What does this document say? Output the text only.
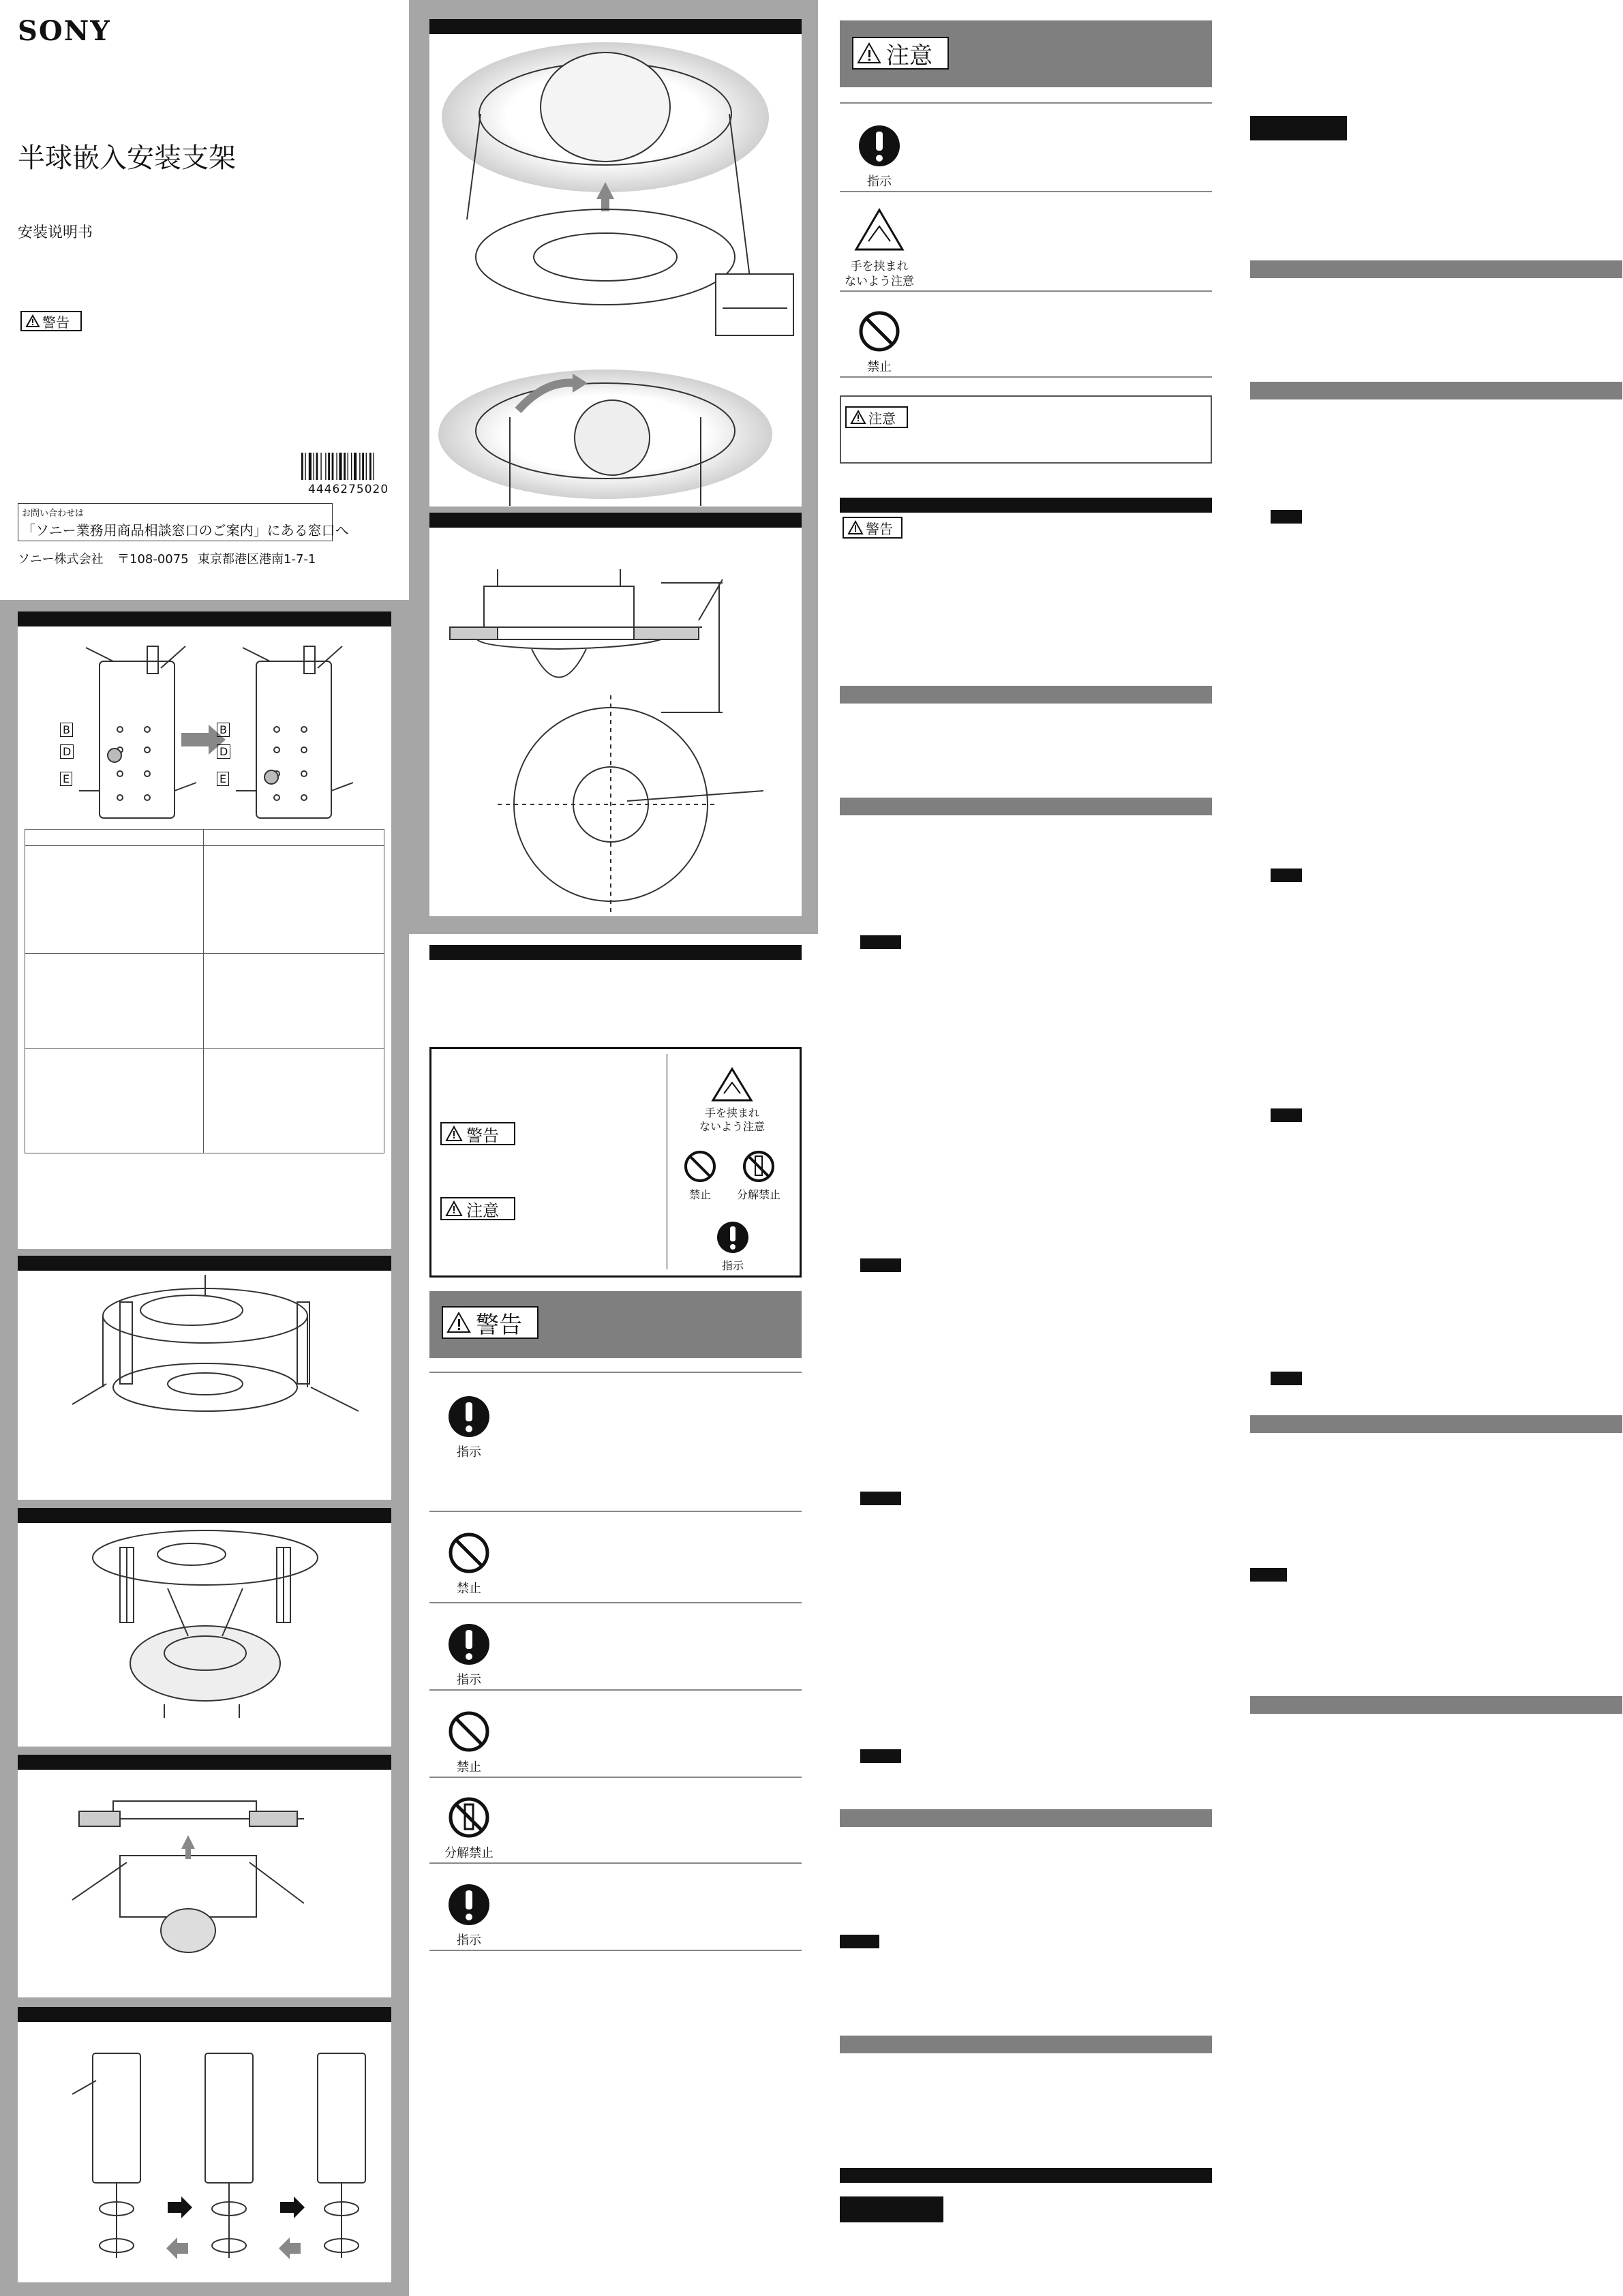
SONY
半球嵌入安装支架
安装说明书
警告
4446275020
お問い合わせは
「ソニー業務用商品相談窓口のご案内」にある窓口へ
ソニー株式会社 〒108-0075 東京都港区港南1-7-1
B
D
E
B
D
E
警告
注意
手を挟まれ
ないよう注意
禁止	分解禁止
指示
警告
指示
禁止
指示
禁止
分解禁止
指示
注意
指示
手を挟まれ
ないよう注意
禁止
注意
警告
